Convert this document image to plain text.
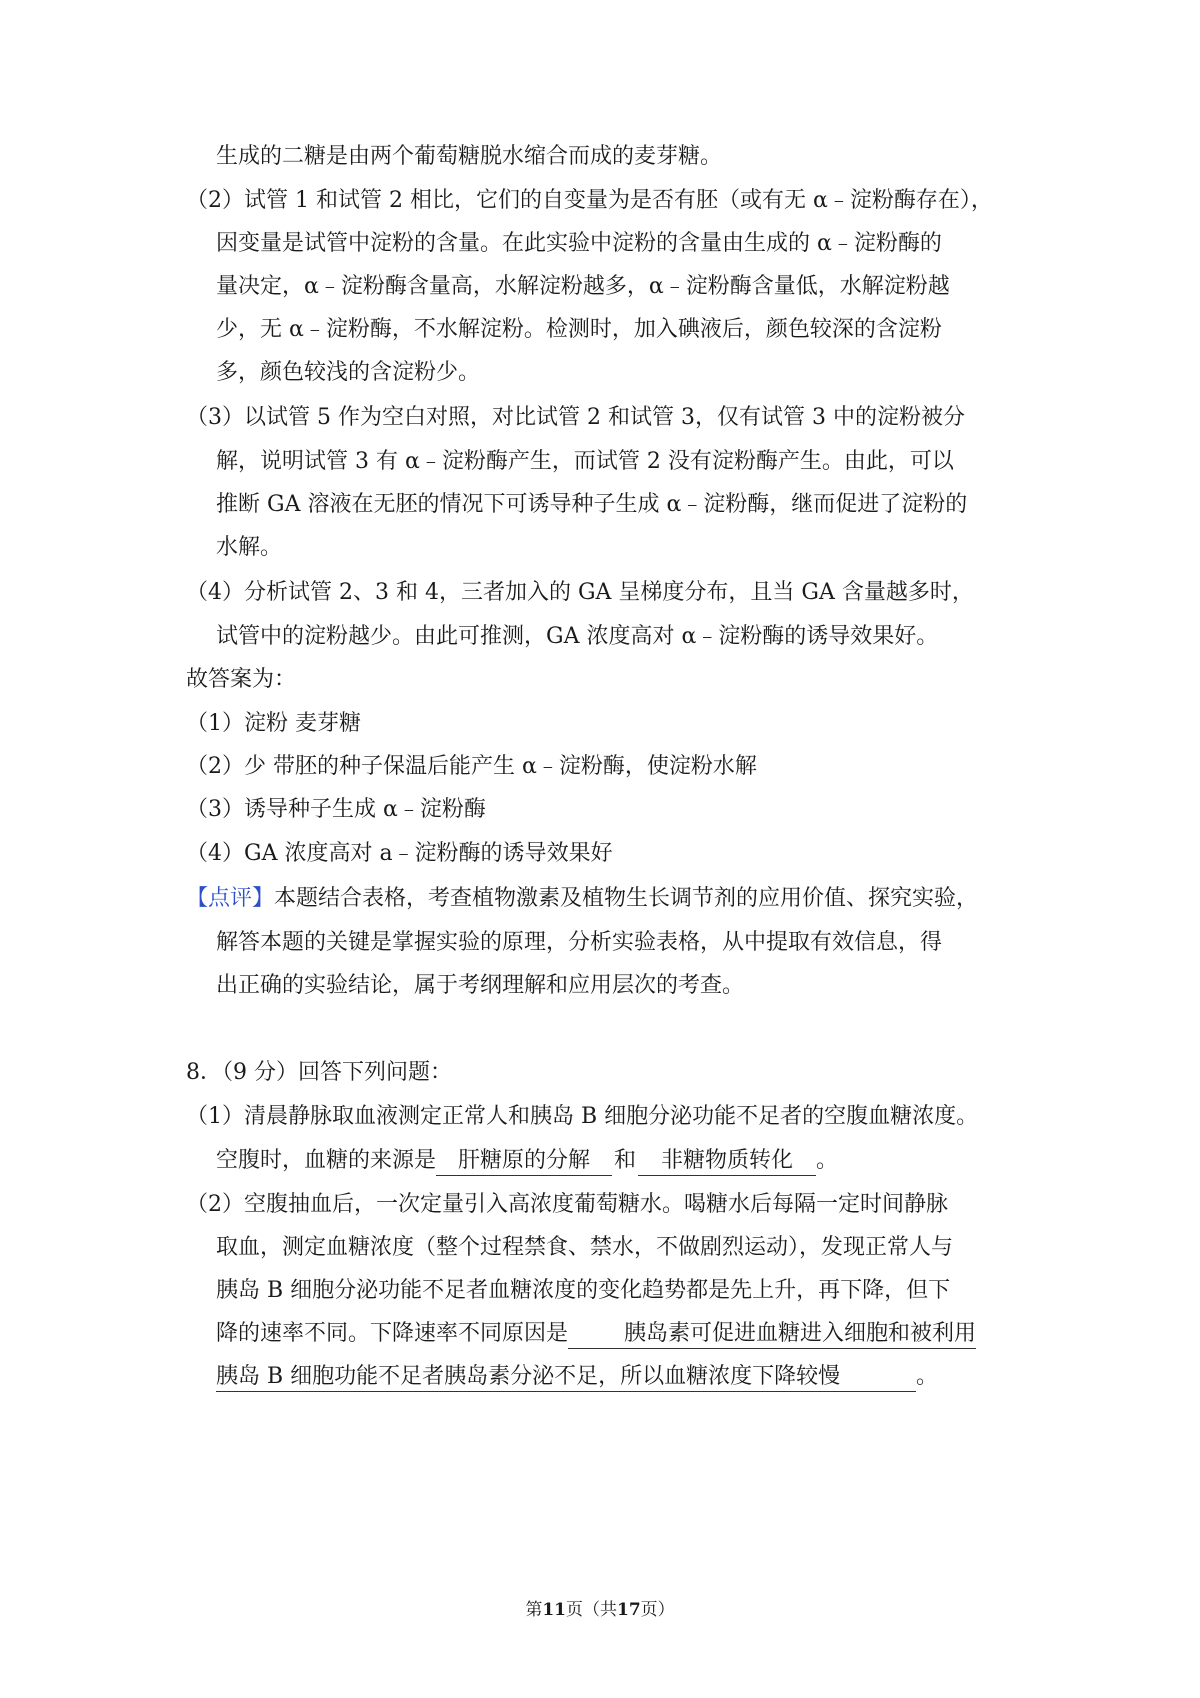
生成的二糖是由两个葡萄糖脱水缩合而成的麦芽糖。
（2）试管 1 和试管 2 相比，它们的自变量为是否有胚（或有无 α﹣淀粉酶存在），
因变量是试管中淀粉的含量。在此实验中淀粉的含量由生成的 α﹣淀粉酶的
量决定，α﹣淀粉酶含量高，水解淀粉越多，α﹣淀粉酶含量低，水解淀粉越
少，无 α﹣淀粉酶，不水解淀粉。检测时，加入碘液后，颜色较深的含淀粉
多，颜色较浅的含淀粉少。
（3）以试管 5 作为空白对照，对比试管 2 和试管 3，仅有试管 3 中的淀粉被分
解，说明试管 3 有 α﹣淀粉酶产生，而试管 2 没有淀粉酶产生。由此，可以
推断 GA 溶液在无胚的情况下可诱导种子生成 α﹣淀粉酶，继而促进了淀粉的
水解。
（4）分析试管 2、3 和 4，三者加入的 GA 呈梯度分布，且当 GA 含量越多时，
试管中的淀粉越少。由此可推测，GA 浓度高对 α﹣淀粉酶的诱导效果好。
故答案为：
（1）淀粉 麦芽糖
（2）少 带胚的种子保温后能产生 α﹣淀粉酶，使淀粉水解
（3）诱导种子生成 α﹣淀粉酶
（4）GA 浓度高对 a﹣淀粉酶的诱导效果好
【点评】本题结合表格，考查植物激素及植物生长调节剂的应用价值、探究实验，
解答本题的关键是掌握实验的原理，分析实验表格，从中提取有效信息，得
出正确的实验结论，属于考纲理解和应用层次的考查。
8．（9 分）回答下列问题：
（1）清晨静脉取血液测定正常人和胰岛 B 细胞分泌功能不足者的空腹血糖浓度。
空腹时，血糖的来源是 肝糖原的分解 和 非糖物质转化 。
（2）空腹抽血后，一次定量引入高浓度葡萄糖水。喝糖水后每隔一定时间静脉
取血，测定血糖浓度（整个过程禁食、禁水，不做剧烈运动），发现正常人与
胰岛 B 细胞分泌功能不足者血糖浓度的变化趋势都是先上升，再下降，但下
降的速率不同。下降速率不同原因是	胰岛素可促进血糖进入细胞和被利用
胰岛 B 细胞功能不足者胰岛素分泌不足，所以血糖浓度下降较慢	。
第11页（共17页）
